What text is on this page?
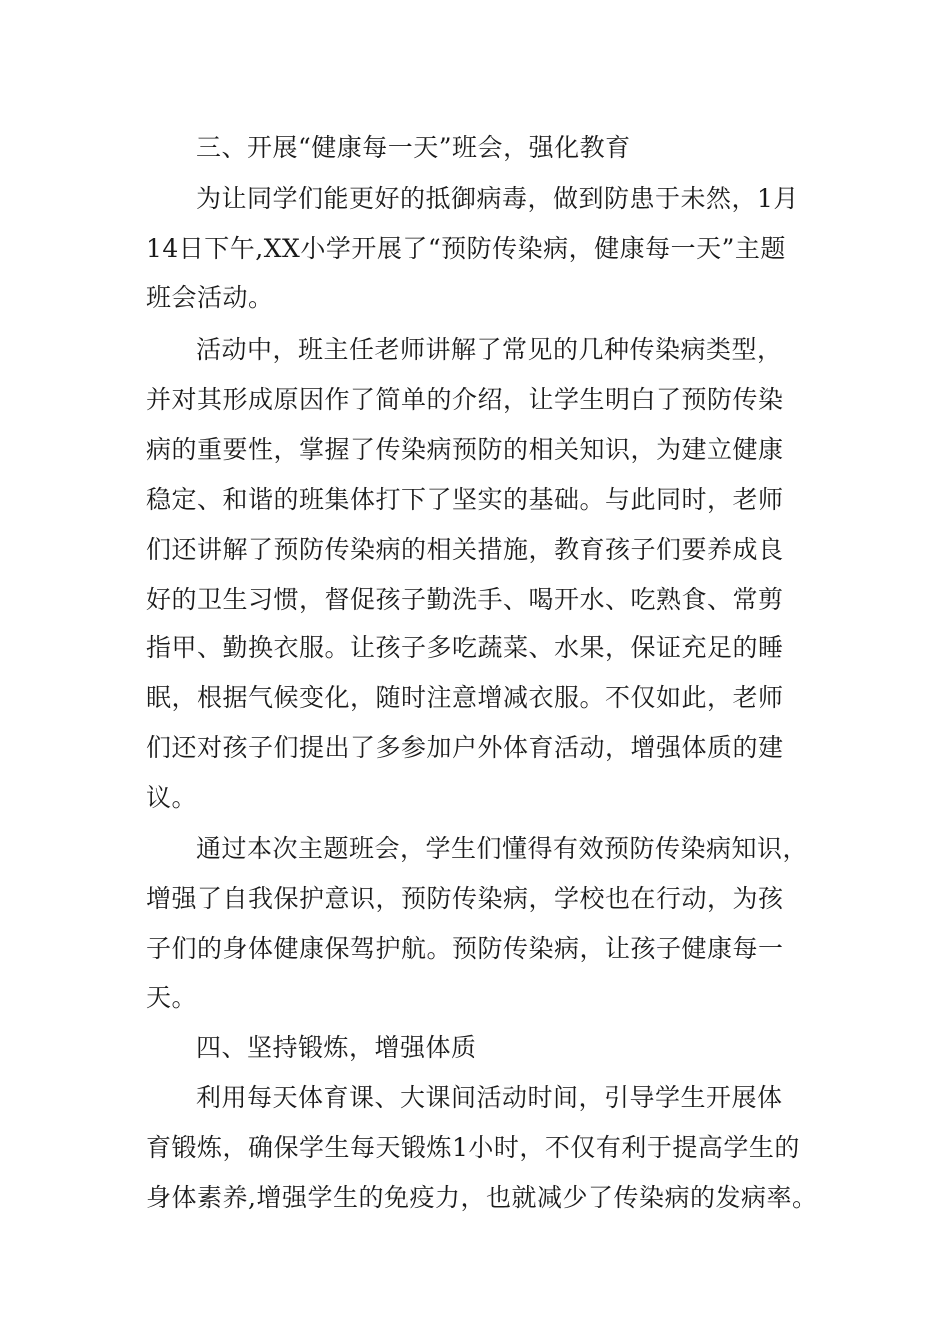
三、开展“健康每一天”班会，强化教育
为让同学们能更好的抵御病毒，做到防患于未然，1月
14日下午,XX小学开展了“预防传染病，健康每一天”主题
班会活动。
活动中，班主任老师讲解了常见的几种传染病类型，
并对其形成原因作了简单的介绍，让学生明白了预防传染
病的重要性，掌握了传染病预防的相关知识，为建立健康
稳定、和谐的班集体打下了坚实的基础。与此同时，老师
们还讲解了预防传染病的相关措施，教育孩子们要养成良
好的卫生习惯，督促孩子勤洗手、喝开水、吃熟食、常剪
指甲、勤换衣服。让孩子多吃蔬菜、水果，保证充足的睡
眠，根据气候变化，随时注意增减衣服。不仅如此，老师
们还对孩子们提出了多参加户外体育活动，增强体质的建
议。
通过本次主题班会，学生们懂得有效预防传染病知识，
增强了自我保护意识，预防传染病，学校也在行动，为孩
子们的身体健康保驾护航。预防传染病，让孩子健康每一
天。
四、坚持锻炼，增强体质
利用每天体育课、大课间活动时间，引导学生开展体
育锻炼，确保学生每天锻炼1小时，不仅有利于提高学生的
身体素养,增强学生的免疫力，也就减少了传染病的发病率。
